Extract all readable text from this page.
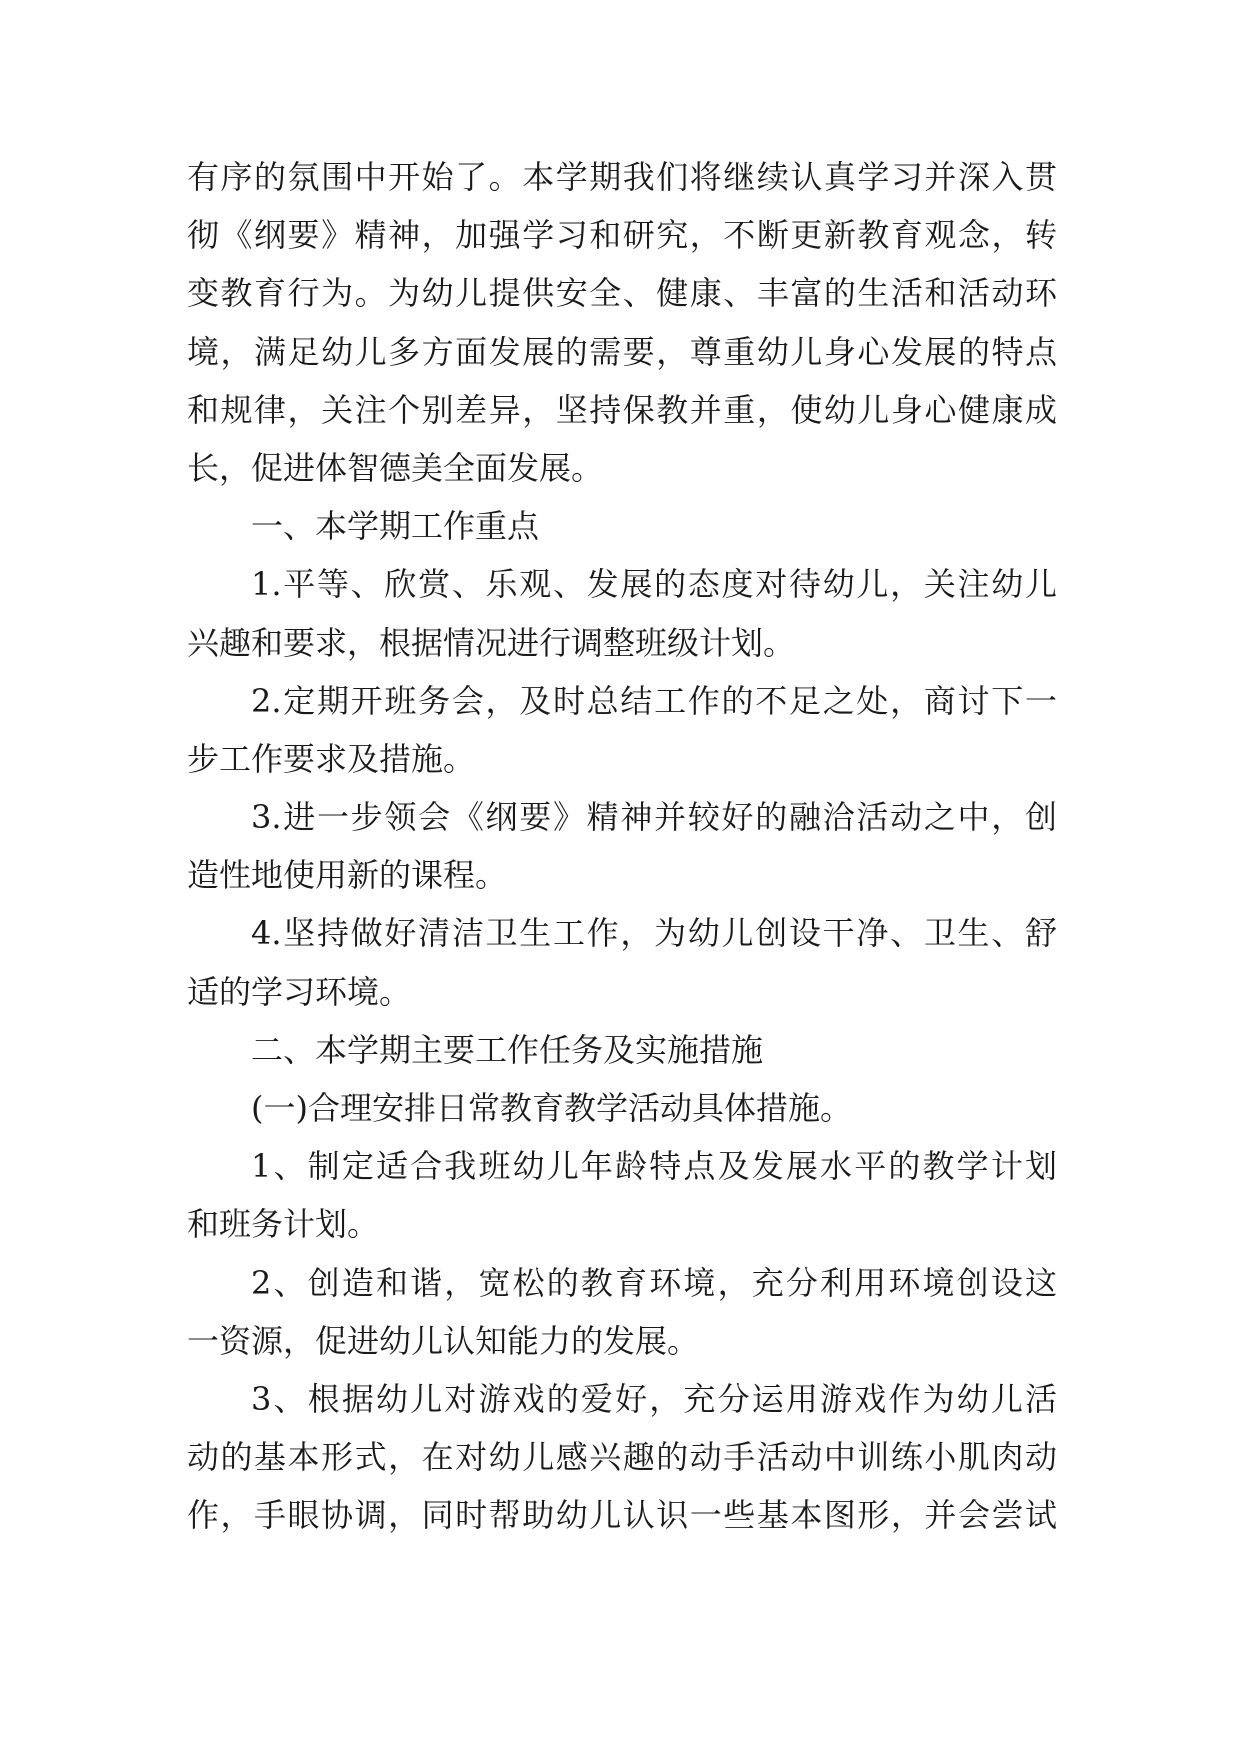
有序的氛围中开始了。本学期我们将继续认真学习并深入贯
彻《纲要》精神，加强学习和研究，不断更新教育观念，转
变教育行为。为幼儿提供安全、健康、丰富的生活和活动环
境，满足幼儿多方面发展的需要，尊重幼儿身心发展的特点
和规律，关注个别差异，坚持保教并重，使幼儿身心健康成
长，促进体智德美全面发展。
一、本学期工作重点
1.平等、欣赏、乐观、发展的态度对待幼儿，关注幼儿
兴趣和要求，根据情况进行调整班级计划。
2.定期开班务会，及时总结工作的不足之处，商讨下一
步工作要求及措施。
3.进一步领会《纲要》精神并较好的融洽活动之中，创
造性地使用新的课程。
4.坚持做好清洁卫生工作，为幼儿创设干净、卫生、舒
适的学习环境。
二、本学期主要工作任务及实施措施
(一)合理安排日常教育教学活动具体措施。
1、制定适合我班幼儿年龄特点及发展水平的教学计划
和班务计划。
2、创造和谐，宽松的教育环境，充分利用环境创设这
一资源，促进幼儿认知能力的发展。
3、根据幼儿对游戏的爱好，充分运用游戏作为幼儿活
动的基本形式，在对幼儿感兴趣的动手活动中训练小肌肉动
作，手眼协调，同时帮助幼儿认识一些基本图形，并会尝试
